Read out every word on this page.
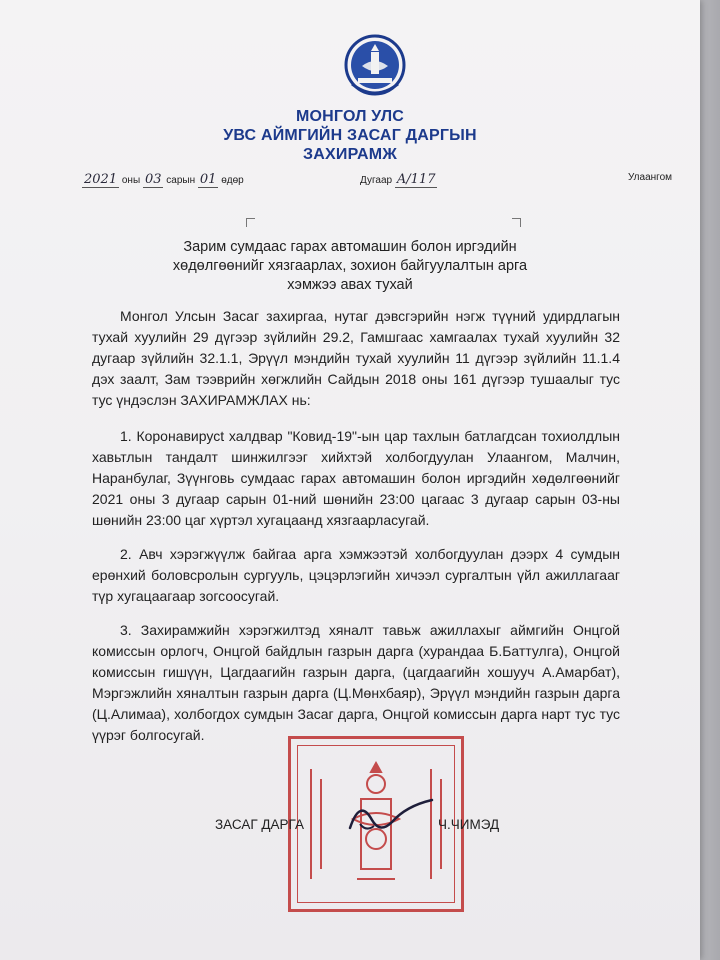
МОНГОЛ УЛС
УВС АЙМГИЙН ЗАСАГ ДАРГЫН
ЗАХИРАМЖ
2021 оны 03 сарын 01 өдөр	Дугаар A/117	Улаангом
Зарим сумдаас гарах автомашин болон иргэдийн хөдөлгөөнийг хязгаарлах, зохион байгуулалтын арга хэмжээ авах тухай
Монгол Улсын Засаг захиргаа, нутаг дэвсгэрийн нэгж түүний удирдлагын тухай хуулийн 29 дүгээр зүйлийн 29.2, Гамшгаас хамгаалах тухай хуулийн 32 дугаар зүйлийн 32.1.1, Эрүүл мэндийн тухай хуулийн 11 дүгээр зүйлийн 11.1.4 дэх заалт, Зам тээврийн хөгжлийн Сайдын 2018 оны 161 дүгээр тушаалыг тус тус үндэслэн ЗАХИРАМЖЛАХ нь:
1. Коронавирусt халдвар "Ковид-19"-ын цар тахлын батлагдсан тохиолдлын хавьтлын тандалт шинжилгээг хийхтэй холбогдуулан Улаангом, Малчин, Наранбулаг, Зүүнговь сумдаас гарах автомашин болон иргэдийн хөдөлгөөнийг 2021 оны 3 дугаар сарын 01-ний шөнийн 23:00 цагаас 3 дугаар сарын 03-ны шөнийн 23:00 цаг хүртэл хугацаанд хязгаарласугай.
2. Авч хэрэгжүүлж байгаа арга хэмжээтэй холбогдуулан дээрх 4 сумдын ерөнхий боловсролын сургууль, цэцэрлэгийн хичээл сургалтын үйл ажиллагааг түр хугацаагаар зогсоосугай.
3. Захирамжийн хэрэгжилтэд хяналт тавьж ажиллахыг аймгийн Онцгой комиссын орлогч, Онцгой байдлын газрын дарга (хурандаа Б.Баттулга), Онцгой комиссын гишүүн, Цагдаагийн газрын дарга, (цагдаагийн хошууч А.Амарбат), Мэргэжлийн хяналтын газрын дарга (Ц.Мөнхбаяр), Эрүүл мэндийн газрын дарга (Ц.Алимаа), холбогдох сумдын Засаг дарга, Онцгой комиссын дарга нарт тус тус үүрэг болгосугай.
ЗАСАГ ДАРГА	Ч.ЧИМЭД
